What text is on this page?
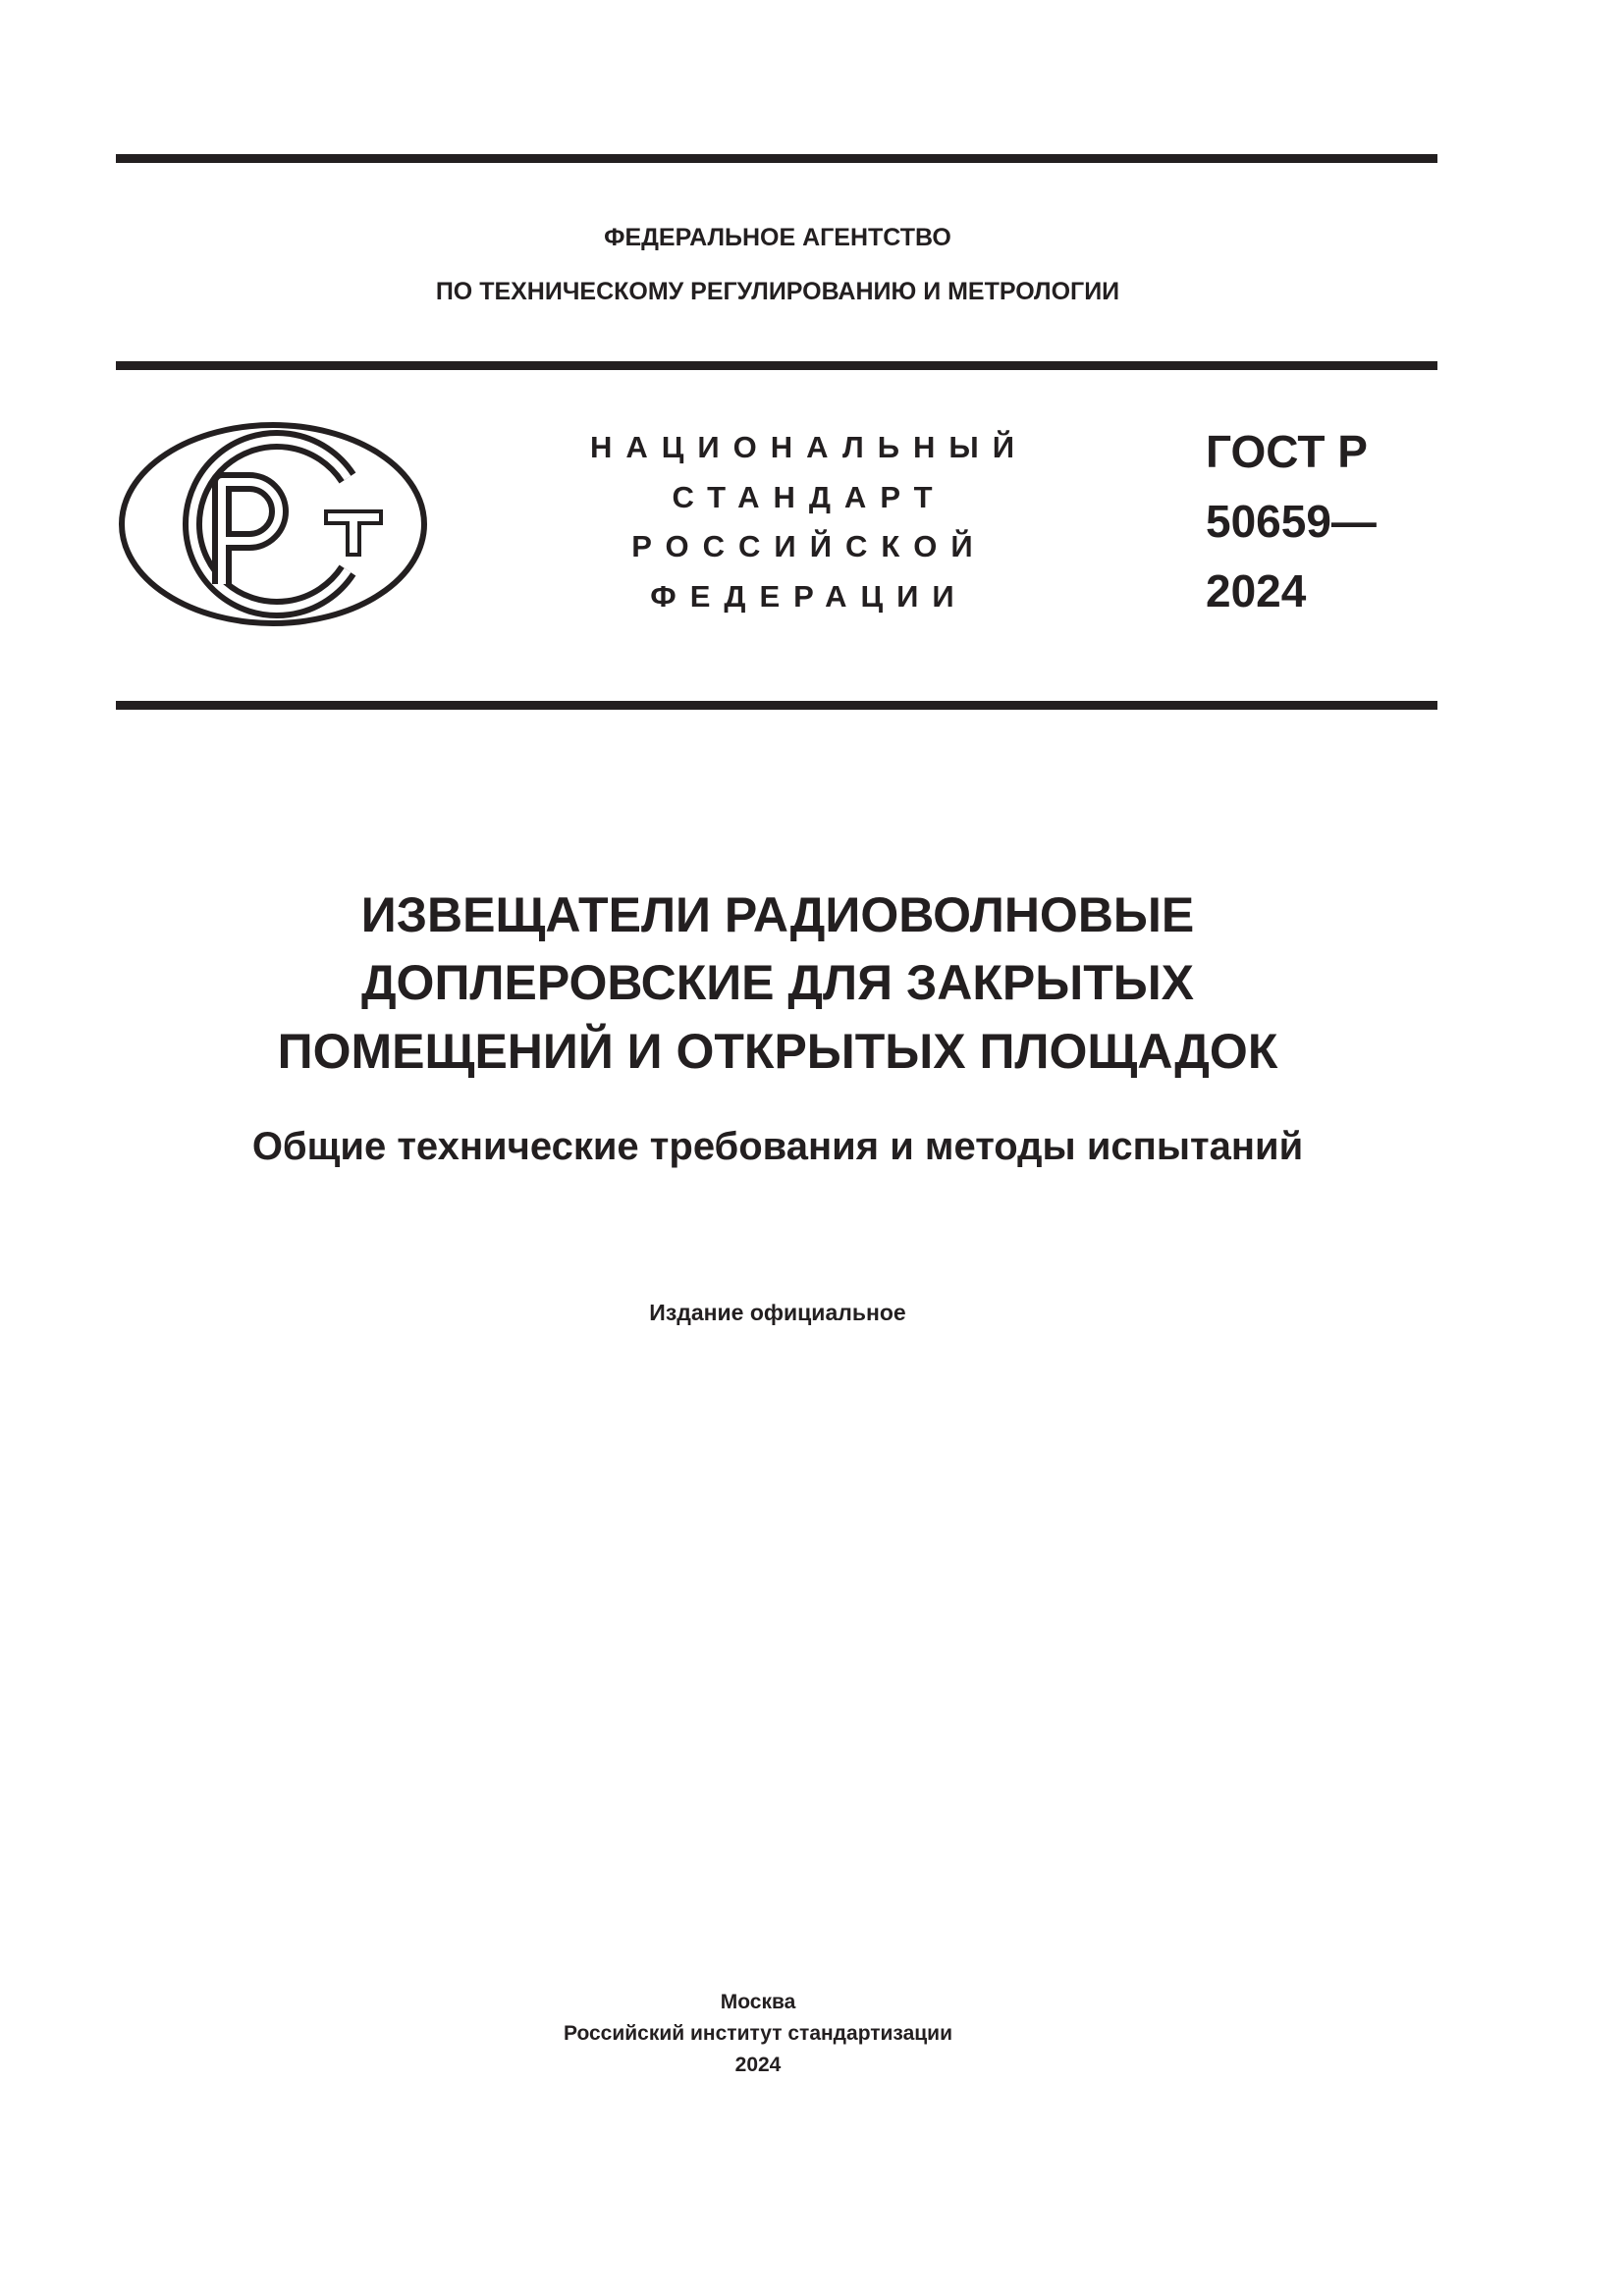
ФЕДЕРАЛЬНОЕ АГЕНТСТВО
ПО ТЕХНИЧЕСКОМУ РЕГУЛИРОВАНИЮ И МЕТРОЛОГИИ
НАЦИОНАЛЬНЫЙ
СТАНДАРТ
РОССИЙСКОЙ
ФЕДЕРАЦИИ
ГОСТ Р
50659—
2024
ИЗВЕЩАТЕЛИ РАДИОВОЛНОВЫЕ
ДОПЛЕРОВСКИЕ ДЛЯ ЗАКРЫТЫХ
ПОМЕЩЕНИЙ И ОТКРЫТЫХ ПЛОЩАДОК
Общие технические требования и методы испытаний
Издание официальное
Москва
Российский институт стандартизации
2024
